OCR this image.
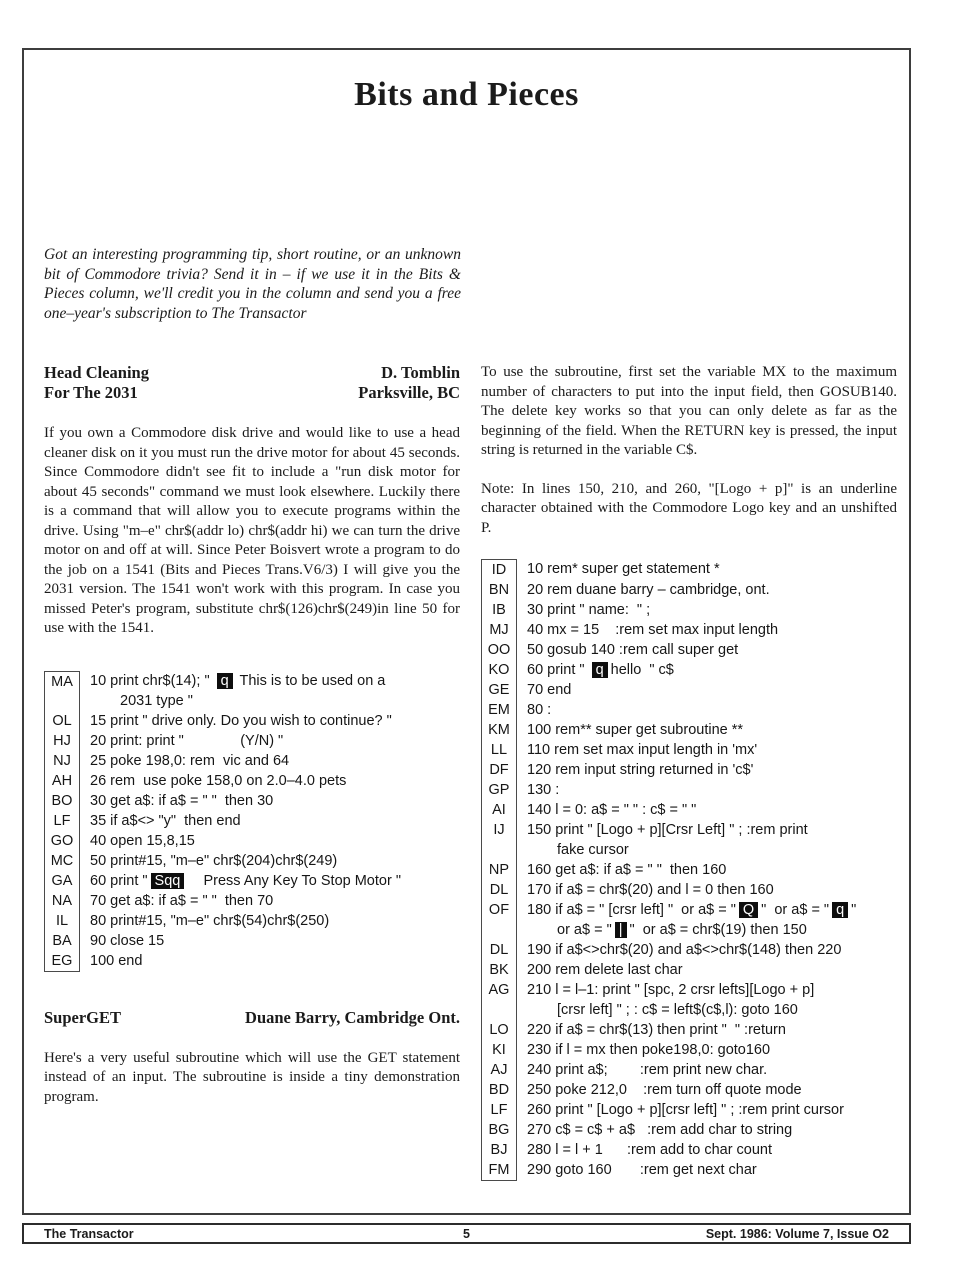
Bits and Pieces

Got an interesting programming tip, short routine, or an unknown bit of Commodore trivia? Send it in – if we use it in the Bits & Pieces column, we'll credit you in the column and send you a free one–year's subscription to The Transactor

Head Cleaning
For The 2031
D. Tomblin
Parksville, BC

If you own a Commodore disk drive and would like to use a head cleaner disk on it you must run the drive motor for about 45 seconds. Since Commodore didn't see fit to include a "run disk motor for about 45 seconds" command we must look elsewhere. Luckily there is a command that will allow you to execute programs within the drive. Using "m–e" chr$(addr lo) chr$(addr hi) we can turn the drive motor on and off at will. Since Peter Boisvert wrote a program to do the job on a 1541 (Bits and Pieces Trans.V6/3) I will give you the 2031 version. The 1541 won't work with this program. In case you missed Peter's program, substitute chr$(126)chr$(249)in line 50 for use with the 1541.

MA	10 print chr$(14); " q This is to be used on a
2031 type "
OL	15 print " drive only. Do you wish to continue? "
HJ	20 print: print "              (Y/N) "
NJ	25 poke 198,0: rem  vic and 64
AH	26 rem  use poke 158,0 on 2.0–4.0 pets
BO	30 get a$: if a$ = " "  then 30
LF	35 if a$<> "y"  then end
GO	40 open 15,8,15
MC	50 print#15, "m–e" chr$(204)chr$(249)
GA	60 print " Sqq    Press Any Key To Stop Motor "
NA	70 get a$: if a$ = " "  then 70
IL	80 print#15, "m–e" chr$(54)chr$(250)
BA	90 close 15
EG	100 end
SuperGET	Duane Barry, Cambridge Ont.

Here's a very useful subroutine which will use the GET statement instead of an input. The subroutine is inside a tiny demonstration program.

To use the subroutine, first set the variable MX to the maximum number of characters to put into the input field, then GOSUB140. The delete key works so that you can only delete as far as the beginning of the field. When the RETURN key is pressed, the input string is returned in the variable C$.

Note: In lines 150, 210, and 260, "[Logo + p]" is an underline character obtained with the Commodore Logo key and an unshifted P.

ID	10 rem* super get statement *
BN	20 rem duane barry – cambridge, ont.
IB	30 print " name:  " ;
MJ	40 mx = 15    :rem set max input length
OO	50 gosub 140 :rem call super get
KO	60 print " q hello  " c$
GE	70 end
EM	80 :
KM	100 rem** super get subroutine **
LL	110 rem set max input length in 'mx'
DF	120 rem input string returned in 'c$'
GP	130 :
AI	140 l = 0: a$ = " " : c$ = " "
IJ	150 print " [Logo + p][Crsr Left] " ; :rem print
fake cursor
NP	160 get a$: if a$ = " "  then 160
DL	170 if a$ = chr$(20) and l = 0 then 160
OF	180 if a$ = " [crsr left] "  or a$ = " Q "  or a$ = " q "
or a$ = " | "  or a$ = chr$(19) then 150
DL	190 if a$<>chr$(20) and a$<>chr$(148) then 220
BK	200 rem delete last char
AG	210 l = l–1: print " [spc, 2 crsr lefts][Logo + p]
[crsr left] " ; : c$ = left$(c$,l): goto 160
LO	220 if a$ = chr$(13) then print "  " :return
KI	230 if l = mx then poke198,0: goto160
AJ	240 print a$;        :rem print new char.
BD	250 poke 212,0    :rem turn off quote mode
LF	260 print " [Logo + p][crsr left] " ; :rem print cursor
BG	270 c$ = c$ + a$   :rem add char to string
BJ	280 l = l + 1      :rem add to char count
FM	290 goto 160       :rem get next char
The Transactor	5	Sept. 1986: Volume 7, Issue O2
